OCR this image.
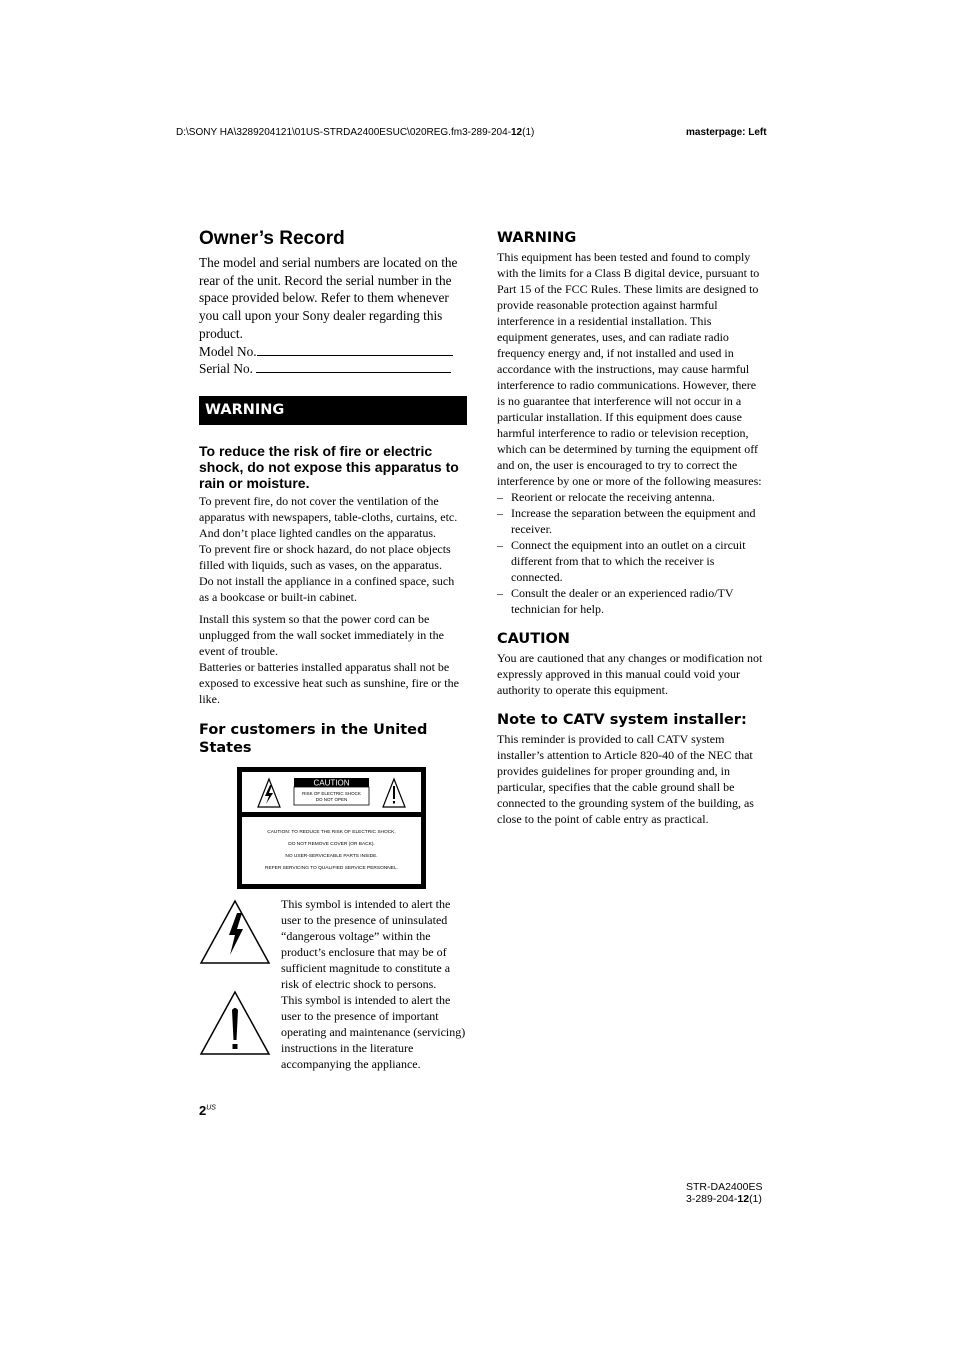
D:\SONY HA\3289204121\01US-STRDA2400ESUC\020REG.fm3-289-204-12(1)	masterpage: Left
Owner’s Record

The model and serial numbers are located on the rear of the unit. Record the serial number in the space provided below. Refer to them whenever you call upon your Sony dealer regarding this product.

Model No.

Serial No.

WARNING
To reduce the risk of fire or electric shock, do not expose this apparatus to rain or moisture.

To prevent fire, do not cover the ventilation of the apparatus with newspapers, table-cloths, curtains, etc. And don’t place lighted candles on the apparatus.

To prevent fire or shock hazard, do not place objects filled with liquids, such as vases, on the apparatus.

Do not install the appliance in a confined space, such as a bookcase or built-in cabinet.

Install this system so that the power cord can be unplugged from the wall socket immediately in the event of trouble.

Batteries or batteries installed apparatus shall not be exposed to excessive heat such as sunshine, fire or the like.

For customers in the United States
CAUTION
RISK OF ELECTRIC SHOCK
DO NOT OPEN
CAUTION: TO REDUCE THE RISK OF ELECTRIC SHOCK,
DO NOT REMOVE COVER (OR BACK).
NO USER-SERVICEABLE PARTS INSIDE.
REFER SERVICING TO QUALIFIED SERVICE PERSONNEL.
This symbol is intended to alert the user to the presence of uninsulated “dangerous voltage” within the product’s enclosure that may be of sufficient magnitude to constitute a risk of electric shock to persons.
This symbol is intended to alert the user to the presence of important operating and maintenance (servicing) instructions in the literature accompanying the appliance.
$2^{US}$
WARNING

This equipment has been tested and found to comply with the limits for a Class B digital device, pursuant to Part 15 of the FCC Rules. These limits are designed to provide reasonable protection against harmful interference in a residential installation. This equipment generates, uses, and can radiate radio frequency energy and, if not installed and used in accordance with the instructions, may cause harmful interference to radio communications. However, there is no guarantee that interference will not occur in a particular installation. If this equipment does cause harmful interference to radio or television reception, which can be determined by turning the equipment off and on, the user is encouraged to try to correct the interference by one or more of the following measures:

– Reorient or relocate the receiving antenna.
– Increase the separation between the equipment and receiver.
– Connect the equipment into an outlet on a circuit different from that to which the receiver is connected.
– Consult the dealer or an experienced radio/TV technician for help.
CAUTION

You are cautioned that any changes or modification not expressly approved in this manual could void your authority to operate this equipment.

Note to CATV system installer:

This reminder is provided to call CATV system installer’s attention to Article 820-40 of the NEC that provides guidelines for proper grounding and, in particular, specifies that the cable ground shall be connected to the grounding system of the building, as close to the point of cable entry as practical.

STR-DA2400ES
3-289-204-12(1)
